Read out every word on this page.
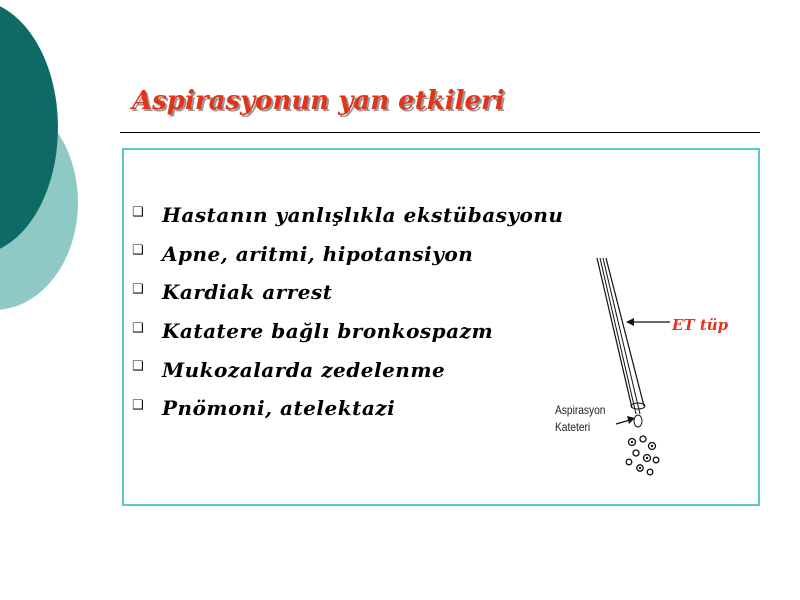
Aspirasyonun yan etkileri
❑ Hastanın yanlışlıkla ekstübasyonu
❑ Apne, aritmi, hipotansiyon
❑ Kardiak arrest
❑ Katatere bağlı bronkospazm
❑ Mukozalarda zedelenme
❑ Pnömoni, atelektazi
ET tüp
Aspirasyon
Kateteri
